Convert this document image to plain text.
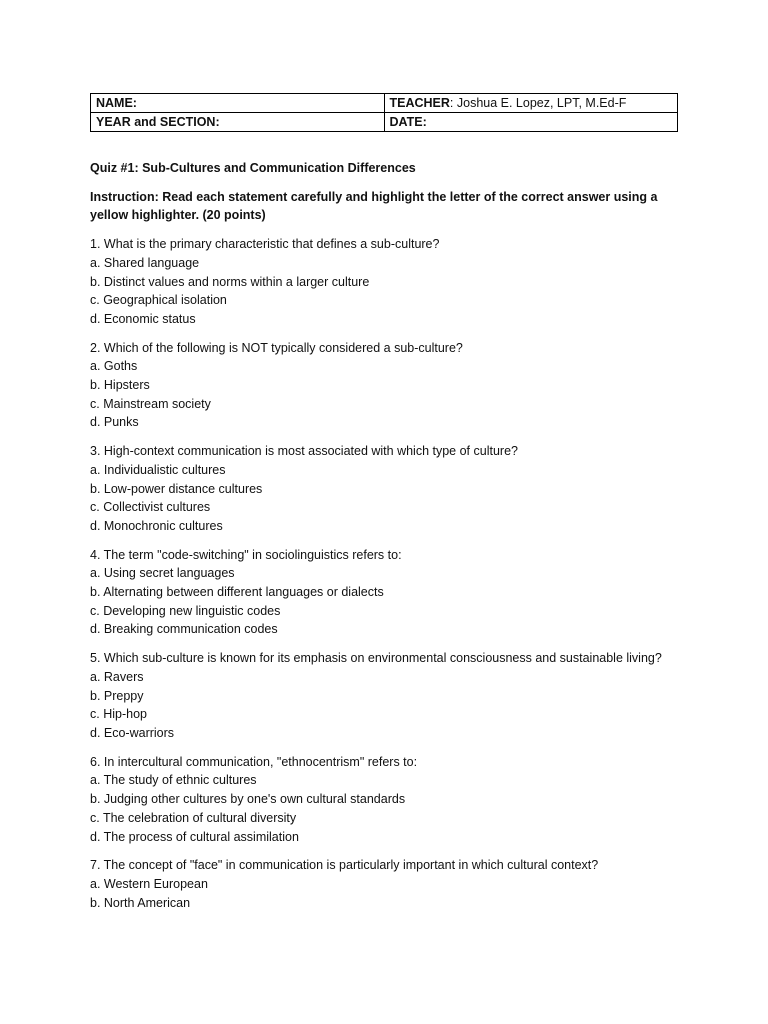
NAME:	TEACHER: Joshua E. Lopez, LPT, M.Ed-F
YEAR and SECTION:	DATE:

Quiz #1: Sub-Cultures and Communication Differences

Instruction: Read each statement carefully and highlight the letter of the correct answer using a yellow highlighter. (20 points)

1. What is the primary characteristic that defines a sub-culture?

a. Shared language

b. Distinct values and norms within a larger culture

c. Geographical isolation

d. Economic status

2. Which of the following is NOT typically considered a sub-culture?

a. Goths

b. Hipsters

c. Mainstream society

d. Punks

3. High-context communication is most associated with which type of culture?

a. Individualistic cultures

b. Low-power distance cultures

c. Collectivist cultures

d. Monochronic cultures

4. The term "code-switching" in sociolinguistics refers to:

a. Using secret languages

b. Alternating between different languages or dialects

c. Developing new linguistic codes

d. Breaking communication codes

5. Which sub-culture is known for its emphasis on environmental consciousness and sustainable living?

a. Ravers

b. Preppy

c. Hip-hop

d. Eco-warriors

6. In intercultural communication, "ethnocentrism" refers to:

a. The study of ethnic cultures

b. Judging other cultures by one's own cultural standards

c. The celebration of cultural diversity

d. The process of cultural assimilation

7. The concept of "face" in communication is particularly important in which cultural context?

a. Western European

b. North American
